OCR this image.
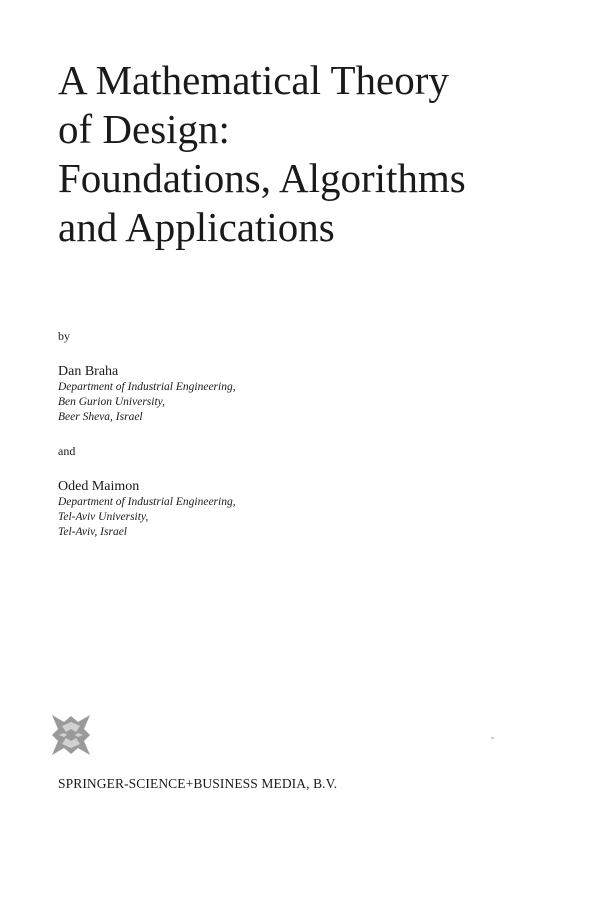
A Mathematical Theory
of Design:
Foundations, Algorithms
and Applications
by
Dan Braha
Department of Industrial Engineering,
Ben Gurion University,
Beer Sheva, Israel
and
Oded Maimon
Department of Industrial Engineering,
Tel-Aviv University,
Tel-Aviv, Israel
SPRINGER-SCIENCE+BUSINESS MEDIA, B.V.
